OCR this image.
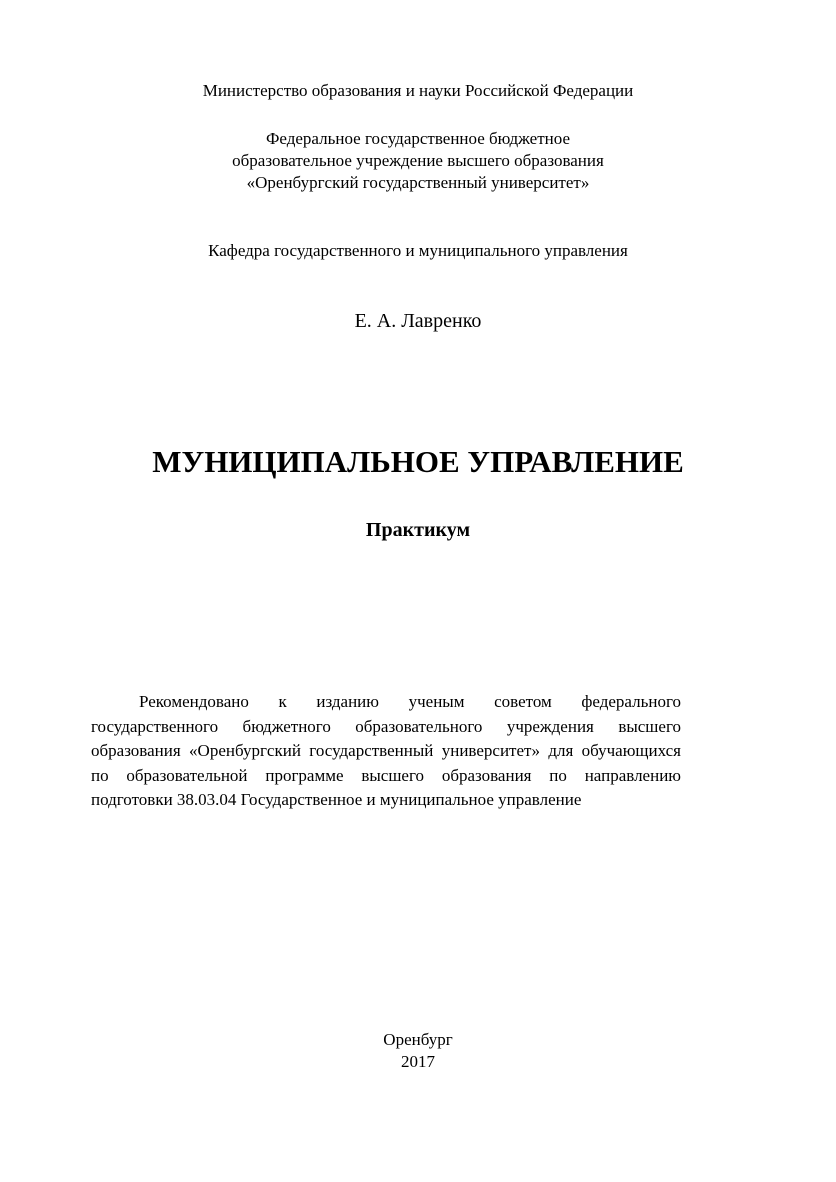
Министерство образования и науки Российской Федерации
Федеральное государственное бюджетное
образовательное учреждение высшего образования
«Оренбургский государственный университет»
Кафедра государственного и муниципального управления
Е. А. Лавренко
МУНИЦИПАЛЬНОЕ УПРАВЛЕНИЕ
Практикум
Рекомендовано к изданию ученым советом федерального государственного бюджетного образовательного учреждения высшего образования «Оренбургский государственный университет» для обучающихся по образовательной программе высшего образования по направлению подготовки 38.03.04 Государственное и муниципальное управление
Оренбург
2017
